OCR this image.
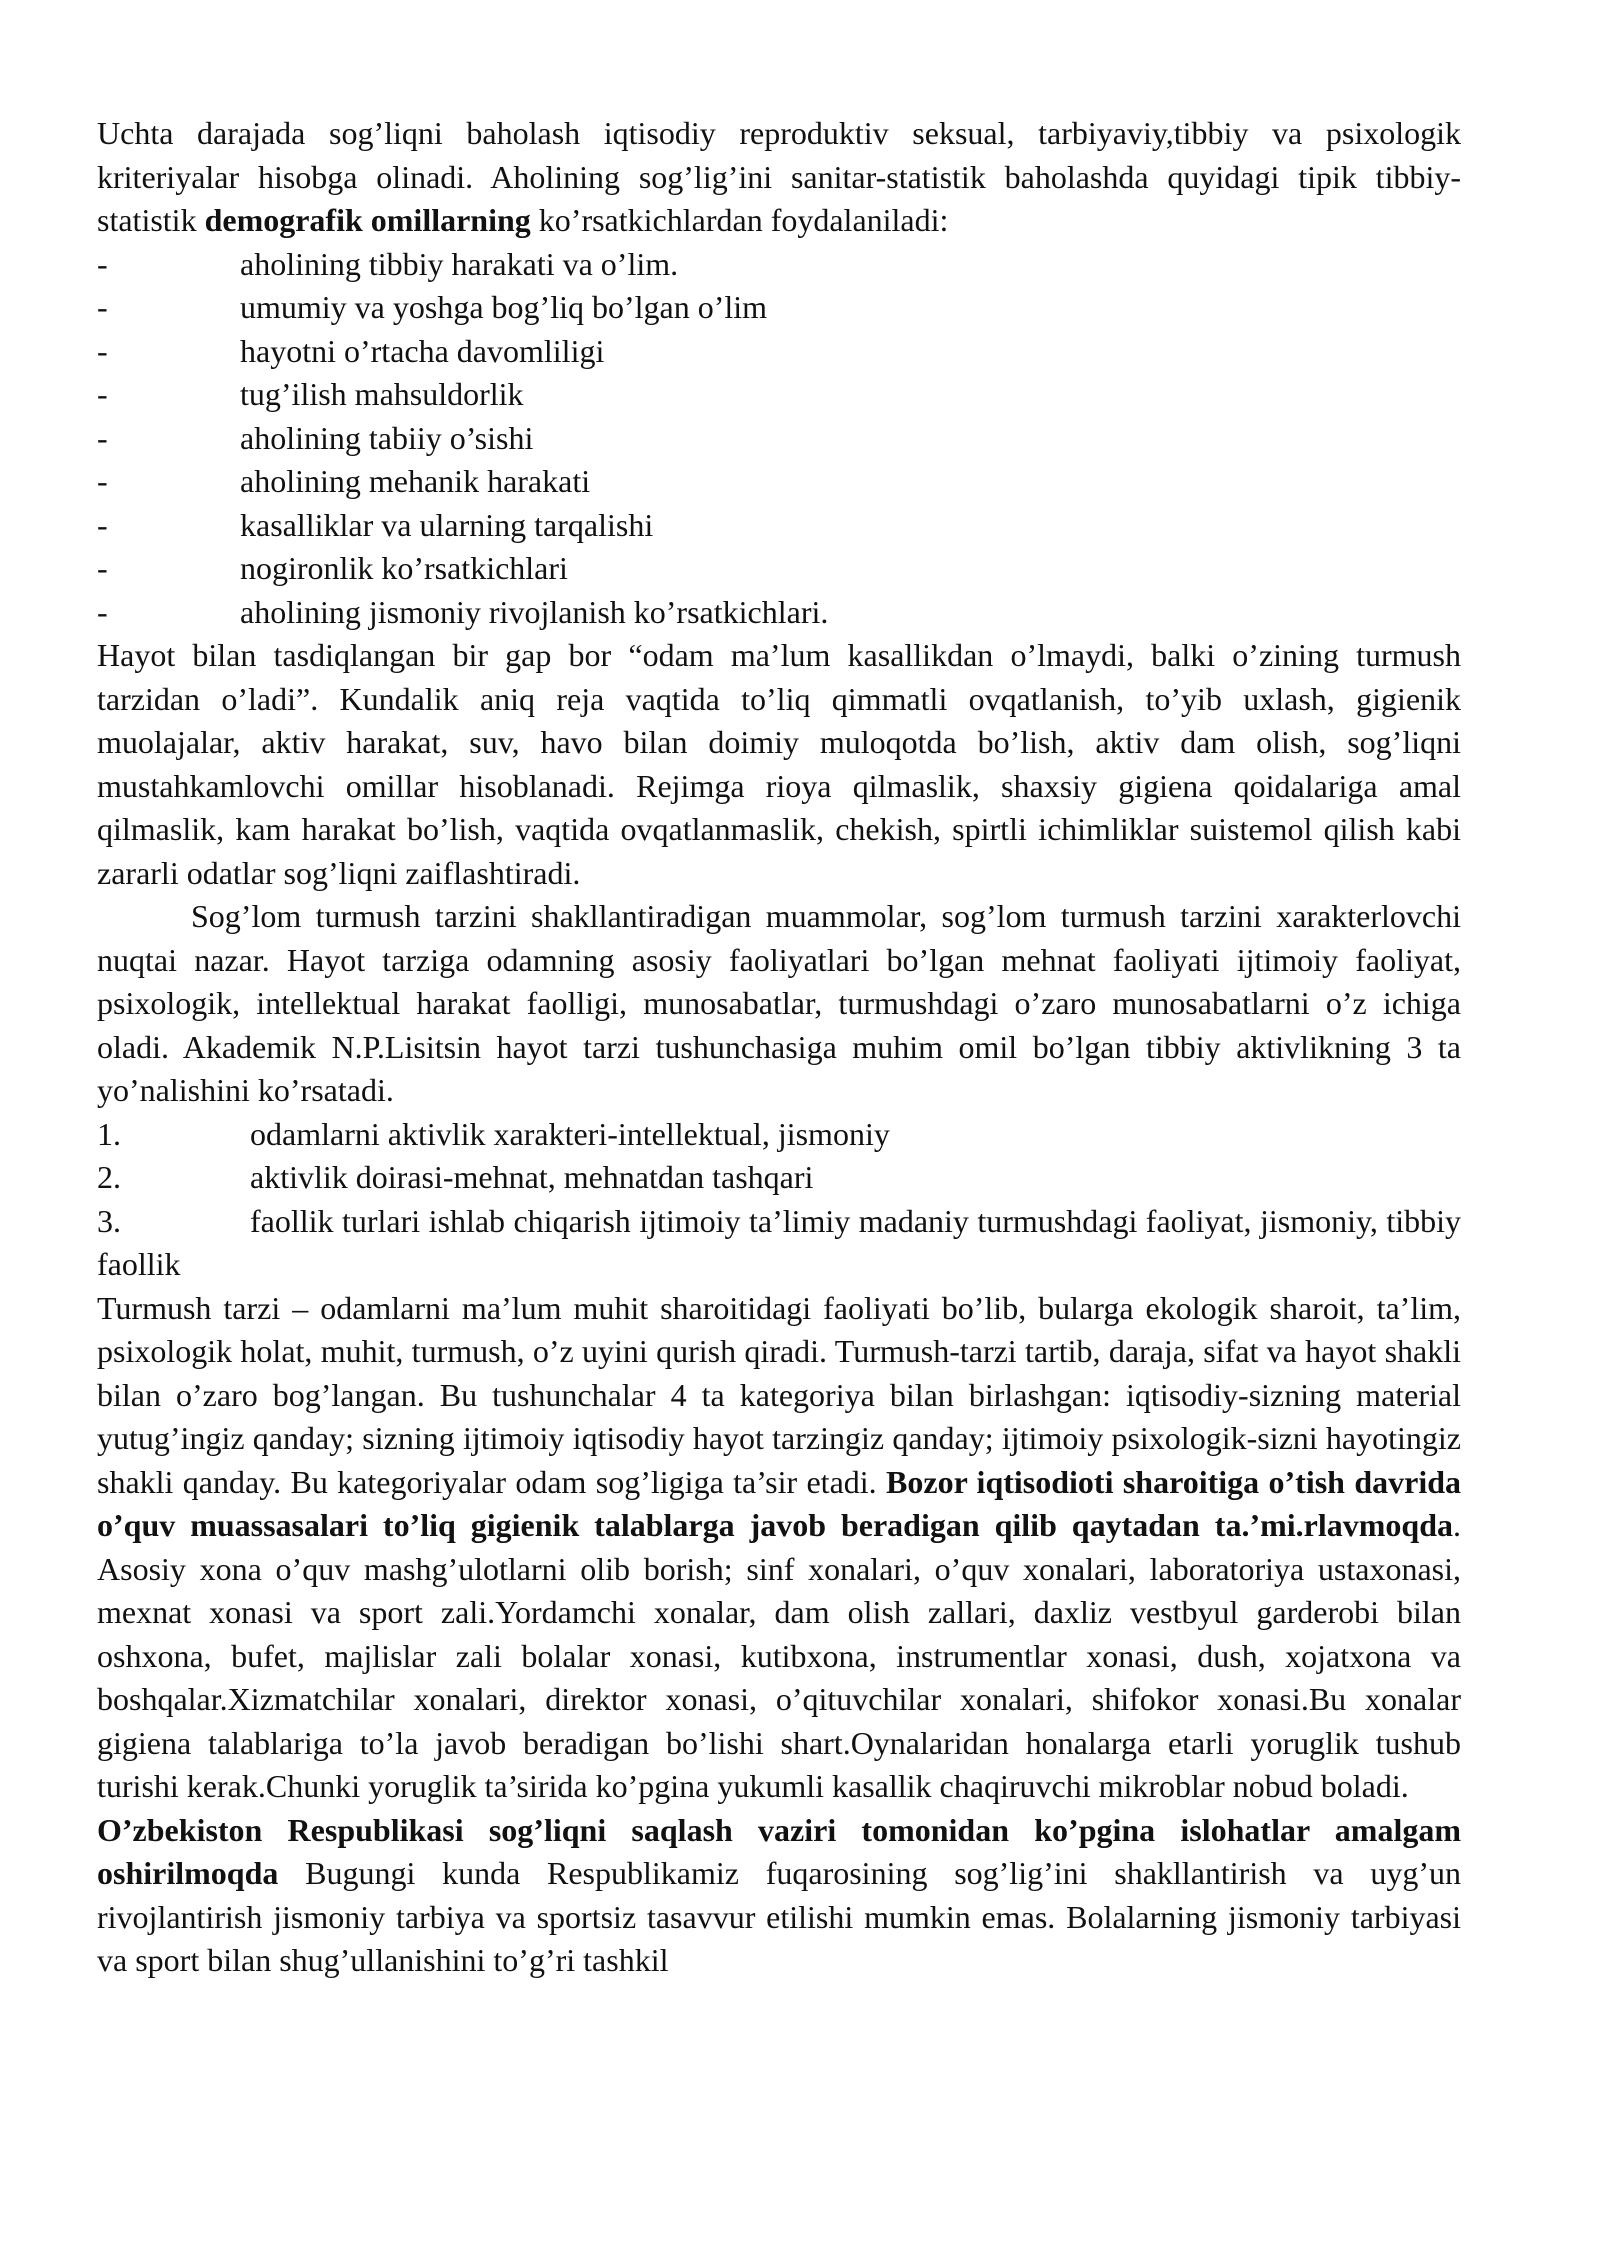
Uchta darajada sog’liqni baholash iqtisodiy reproduktiv seksual, tarbiyaviy,tibbiy va psixologik kriteriyalar hisobga olinadi. Aholining sog’lig’ini sanitar-statistik baholashda quyidagi tipik tibbiy-statistik demografik omillarning ko’rsatkichlardan foydalaniladi:

-	aholining tibbiy harakati va o’lim.

-	umumiy va yoshga bog’liq bo’lgan o’lim

-	hayotni o’rtacha davomliligi

-	tug’ilish mahsuldorlik

-	aholining tabiiy o’sishi

-	aholining mehanik harakati

-	kasalliklar va ularning tarqalishi

-	nogironlik ko’rsatkichlari

-	aholining jismoniy rivojlanish ko’rsatkichlari.

Hayot bilan tasdiqlangan bir gap bor “odam ma’lum kasallikdan o’lmaydi, balki o’zining turmush tarzidan o’ladi”. Kundalik aniq reja vaqtida to’liq qimmatli ovqatlanish, to’yib uxlash, gigienik muolajalar, aktiv harakat, suv, havo bilan doimiy muloqotda bo’lish, aktiv dam olish, sog’liqni mustahkamlovchi omillar hisoblanadi. Rejimga rioya qilmaslik, shaxsiy gigiena qoidalariga amal qilmaslik, kam harakat bo’lish, vaqtida ovqatlanmaslik, chekish, spirtli ichimliklar suistemol qilish kabi zararli odatlar sog’liqni zaiflashtiradi.

Sog’lom turmush tarzini shakllantiradigan muammolar, sog’lom turmush tarzini xarakterlovchi nuqtai nazar. Hayot tarziga odamning asosiy faoliyatlari bo’lgan mehnat faoliyati ijtimoiy faoliyat, psixologik, intellektual harakat faolligi, munosabatlar, turmushdagi o’zaro munosabatlarni o’z ichiga oladi. Akademik N.P.Lisitsin hayot tarzi tushunchasiga muhim omil bo’lgan tibbiy aktivlikning 3 ta yo’nalishini ko’rsatadi.

1.	odamlarni aktivlik xarakteri-intellektual, jismoniy

2.	aktivlik doirasi-mehnat, mehnatdan tashqari

3.	faollik turlari ishlab chiqarish ijtimoiy ta’limiy madaniy turmushdagi faoliyat, jismoniy, tibbiy faollik

Turmush tarzi – odamlarni ma’lum muhit sharoitidagi faoliyati bo’lib, bularga ekologik sharoit, ta’lim, psixologik holat, muhit, turmush, o’z uyini qurish qiradi. Turmush-tarzi tartib, daraja, sifat va hayot shakli bilan o’zaro bog’langan. Bu tushunchalar 4 ta kategoriya bilan birlashgan: iqtisodiy-sizning material yutug’ingiz qanday; sizning ijtimoiy iqtisodiy hayot tarzingiz qanday; ijtimoiy psixologik-sizni hayotingiz shakli qanday. Bu kategoriyalar odam sog’ligiga ta’sir etadi. Bozor iqtisodioti sharoitiga o’tish davrida o’quv muassasalari to’liq gigienik talablarga javob beradigan qilib qaytadan ta.’mi.rlavmoqda. Asosiy xona o’quv mashg’ulotlarni olib borish; sinf xonalari, o’quv xonalari, laboratoriya ustaxonasi, mexnat xonasi va sport zali.Yordamchi xonalar, dam olish zallari, daxliz vestbyul garderobi bilan oshxona, bufet, majlislar zali bolalar xonasi, kutibxona, instrumentlar xonasi, dush, xojatxona va boshqalar.Xizmatchilar xonalari, direktor xonasi, o’qituvchilar xonalari, shifokor xonasi.Bu xonalar gigiena talablariga to’la javob beradigan bo’lishi shart.Oynalaridan honalarga etarli yoruglik tushub turishi kerak.Chunki yoruglik ta’sirida ko’pgina yukumli kasallik chaqiruvchi mikroblar nobud boladi.

O’zbekiston Respublikasi sog’liqni saqlash vaziri tomonidan ko’pgina islohatlar amalgam oshirilmoqda Bugungi kunda Respublikamiz fuqarosining sog’lig’ini shakllantirish va uyg’un rivojlantirish jismoniy tarbiya va sportsiz tasavvur etilishi mumkin emas. Bolalarning jismoniy tarbiyasi va sport bilan shug’ullanishini to’g’ri tashkil
